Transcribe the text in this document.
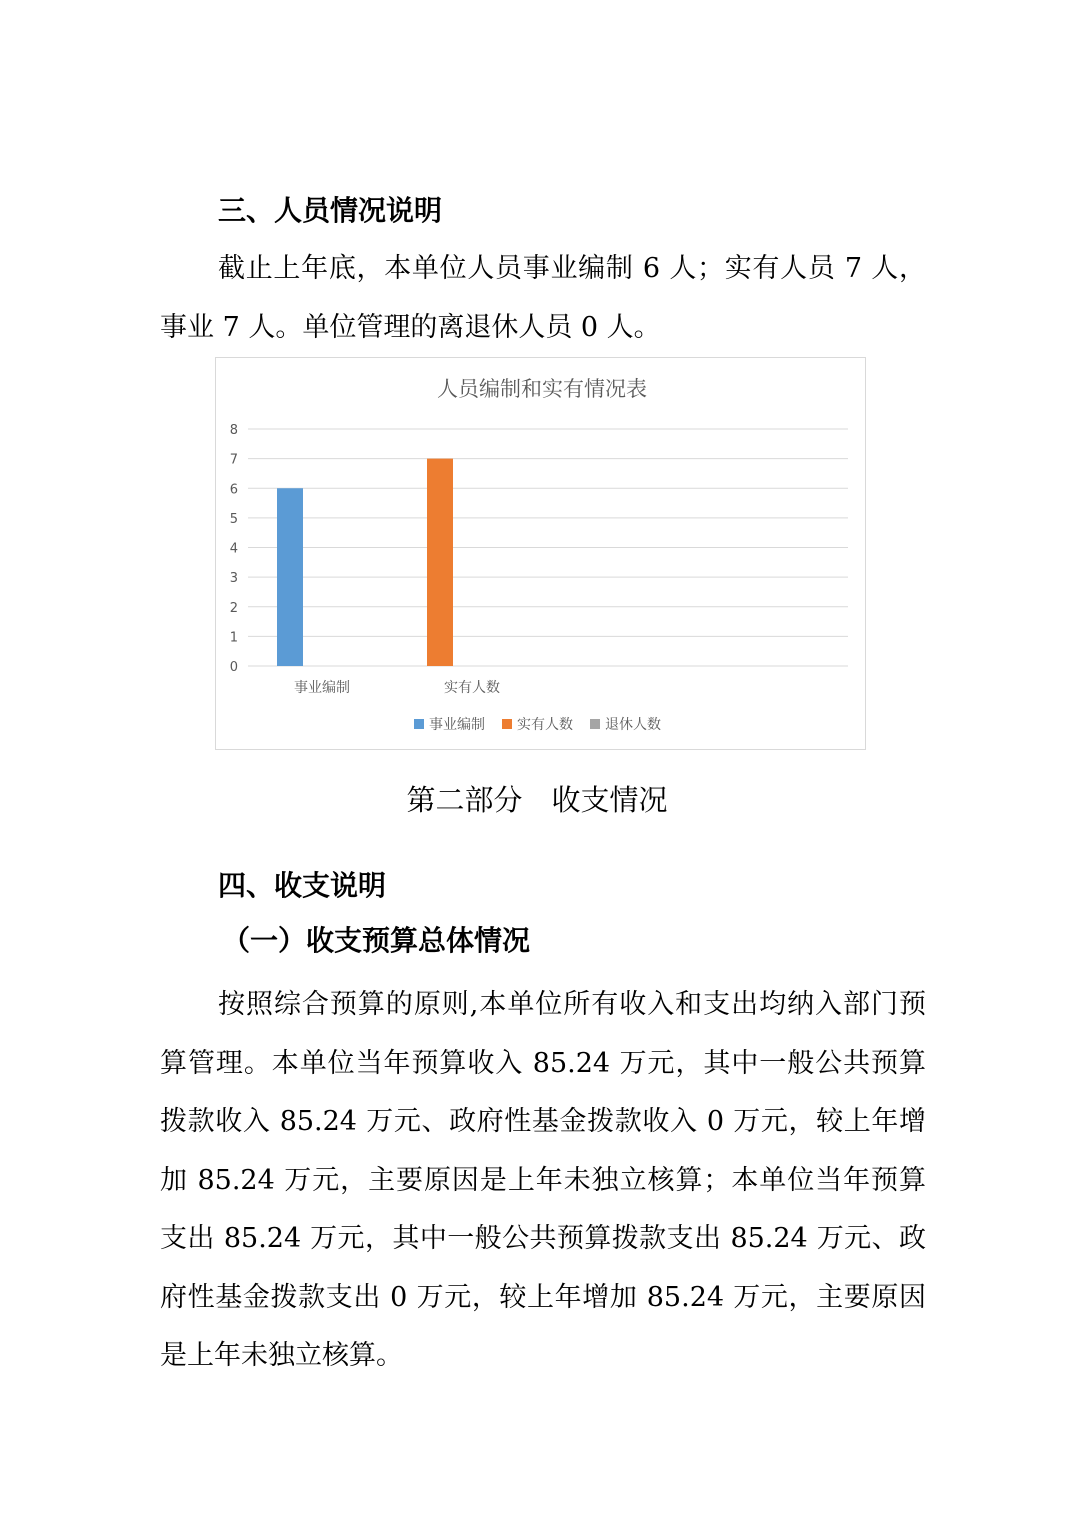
三、人员情况说明

截止上年底，本单位人员事业编制 6 人；实有人员 7 人，事业 7 人。单位管理的离退休人员 0 人。

人员编制和实有情况表
0
1
2
3
4
5
6
7
8
事业编制	实有人数
事业编制 实有人数 退休人数
第二部分　收支情况
四、收支说明
（一）收支预算总体情况

按照综合预算的原则,本单位所有收入和支出均纳入部门预算管理。本单位当年预算收入 85.24 万元，其中一般公共预算拨款收入 85.24 万元、政府性基金拨款收入 0 万元，较上年增加 85.24 万元，主要原因是上年未独立核算；本单位当年预算支出 85.24 万元，其中一般公共预算拨款支出 85.24 万元、政府性基金拨款支出 0 万元，较上年增加 85.24 万元，主要原因是上年未独立核算。
